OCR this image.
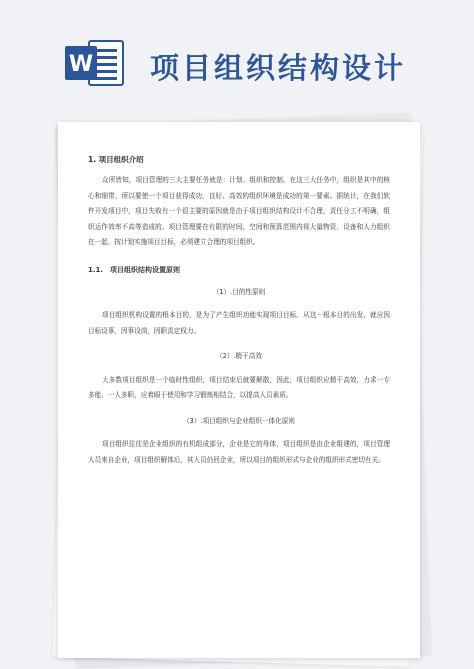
W 项目组织结构设计
1. 项目组织介绍

众所皆知，项目管理的三大主要任务就是：计划、组织和控制。在这三大任务中，组织是其中的核心和细带，所以要使一个项目获得成功，良好、高效的组织环境是成功的第一要素。据统计，在我们软件开发项目中，项目失败有一个很主要的原因就是由于项目组织结构设计不合理，责任分工不明确，组织运作效率不高等造成的。项目管理要在有限的时间、空间和预算范围内将大量物资、设备和人力组织在一起，按计划实施项目目标，必须建立合理的项目组织。

1.1.　项目组织结构设置原则

（1）.目的性原则

项目组织机构设置的根本目的，是为了产生组织功能实现项目目标。从这一根本目的出发，就应因目标设事，因事设岗，因职责定权力。

（2）.精干高效

大多数项目组织是一个临时性组织，项目结束后就要解散，因此，项目组织应精干高效，力求一专多能、一人多职，应着眼于使用和学习锻炼相结合，以提高人员素质。

（3）.项目组织与企业组织一体化原则

项目组织往往是企业组织的有机组成部分，企业是它的母体，项目组织是由企业组建的，项目管理人员来自企业，项目组织解体后，其人员仍回企业，所以项目的组织形式与企业的组织形式密切有关。
